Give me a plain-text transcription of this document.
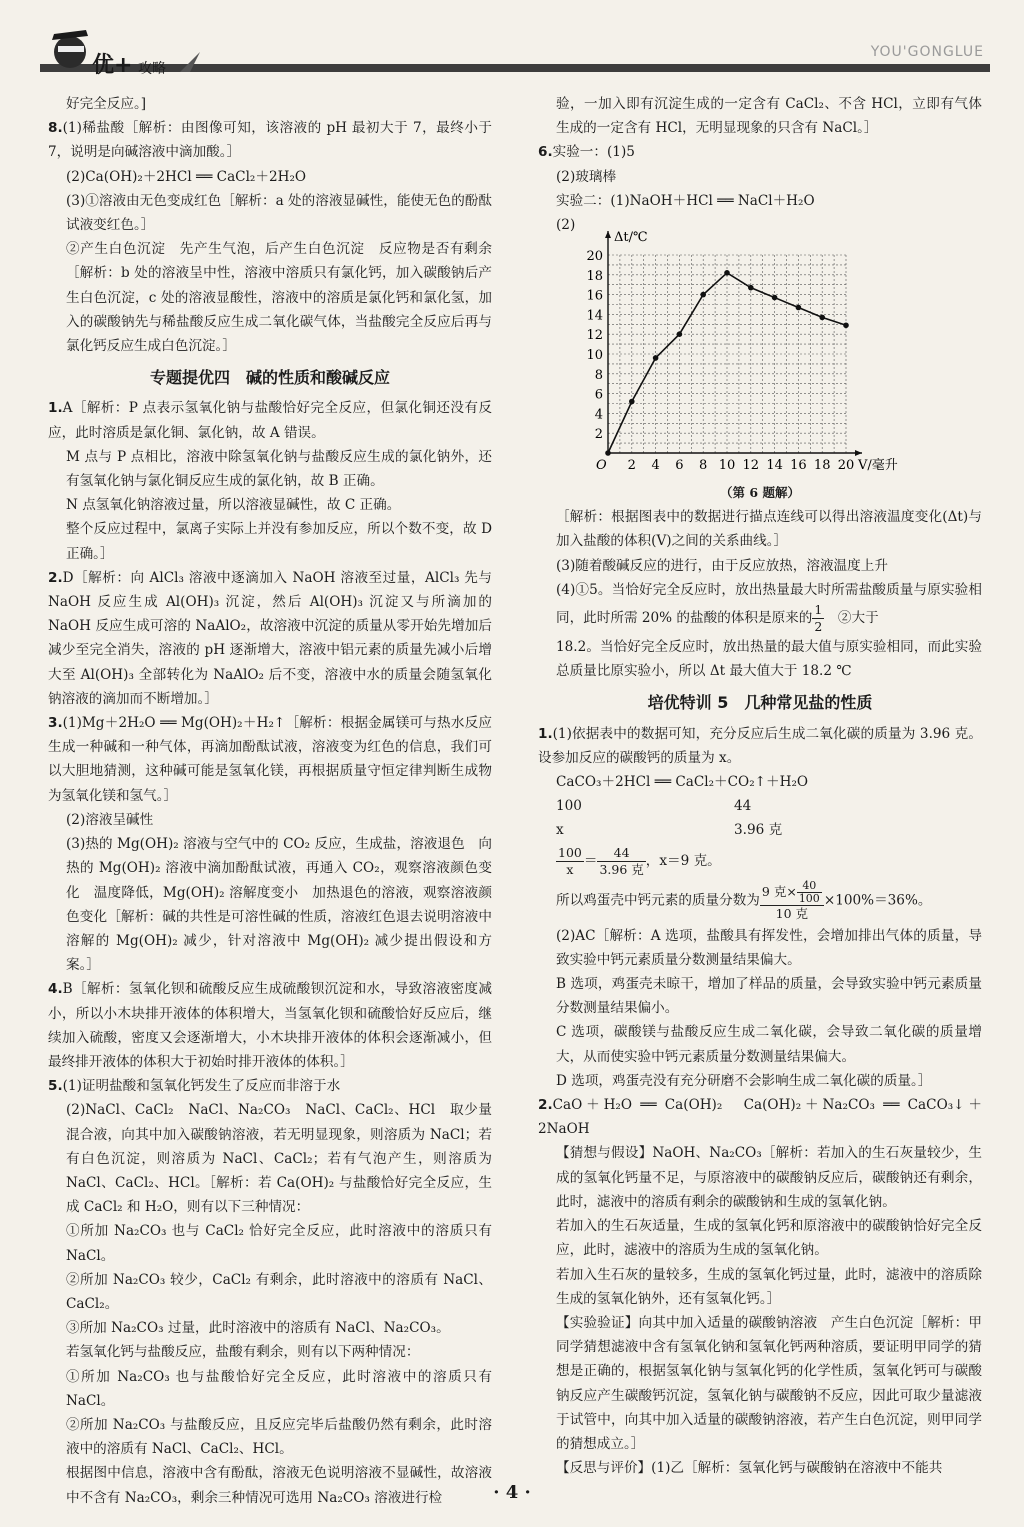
优+ 攻略
YOU'GONGLUE

好完全反应。]

8.(1)稀盐酸［解析：由图像可知，该溶液的 pH 最初大于 7，最终小于 7，说明是向碱溶液中滴加酸。］

(2)Ca(OH)₂＋2HCl ══ CaCl₂＋2H₂O

(3)①溶液由无色变成红色［解析：a 处的溶液显碱性，能使无色的酚酞试液变红色。］

②产生白色沉淀　先产生气泡，后产生白色沉淀　反应物是否有剩余［解析：b 处的溶液呈中性，溶液中溶质只有氯化钙，加入碳酸钠后产生白色沉淀，c 处的溶液显酸性，溶液中的溶质是氯化钙和氯化氢，加入的碳酸钠先与稀盐酸反应生成二氧化碳气体，当盐酸完全反应后再与氯化钙反应生成白色沉淀。］

专题提优四　碱的性质和酸碱反应

1.A［解析：P 点表示氢氧化钠与盐酸恰好完全反应，但氯化铜还没有反应，此时溶质是氯化铜、氯化钠，故 A 错误。

M 点与 P 点相比，溶液中除氢氧化钠与盐酸反应生成的氯化钠外，还有氢氧化钠与氯化铜反应生成的氯化钠，故 B 正确。

N 点氢氧化钠溶液过量，所以溶液显碱性，故 C 正确。

整个反应过程中，氯离子实际上并没有参加反应，所以个数不变，故 D 正确。］

2.D［解析：向 AlCl₃ 溶液中逐滴加入 NaOH 溶液至过量，AlCl₃ 先与 NaOH 反应生成 Al(OH)₃ 沉淀，然后 Al(OH)₃ 沉淀又与所滴加的 NaOH 反应生成可溶的 NaAlO₂，故溶液中沉淀的质量从零开始先增加后减少至完全消失，溶液的 pH 逐渐增大，溶液中铝元素的质量先减小后增大至 Al(OH)₃ 全部转化为 NaAlO₂ 后不变，溶液中水的质量会随氢氧化钠溶液的滴加而不断增加。］

3.(1)Mg＋2H₂O ══ Mg(OH)₂＋H₂↑［解析：根据金属镁可与热水反应生成一种碱和一种气体，再滴加酚酞试液，溶液变为红色的信息，我们可以大胆地猜测，这种碱可能是氢氧化镁，再根据质量守恒定律判断生成物为氢氧化镁和氢气。］

(2)溶液呈碱性

(3)热的 Mg(OH)₂ 溶液与空气中的 CO₂ 反应，生成盐，溶液退色　向热的 Mg(OH)₂ 溶液中滴加酚酞试液，再通入 CO₂，观察溶液颜色变化　温度降低，Mg(OH)₂ 溶解度变小　加热退色的溶液，观察溶液颜色变化［解析：碱的共性是可溶性碱的性质，溶液红色退去说明溶液中溶解的 Mg(OH)₂ 减少，针对溶液中 Mg(OH)₂ 减少提出假设和方案。］

4.B［解析：氢氧化钡和硫酸反应生成硫酸钡沉淀和水，导致溶液密度减小，所以小木块排开液体的体积增大，当氢氧化钡和硫酸恰好反应后，继续加入硫酸，密度又会逐渐增大，小木块排开液体的体积会逐渐减小，但最终排开液体的体积大于初始时排开液体的体积。］

5.(1)证明盐酸和氢氧化钙发生了反应而非溶于水

(2)NaCl、CaCl₂　NaCl、Na₂CO₃　NaCl、CaCl₂、HCl　取少量混合液，向其中加入碳酸钠溶液，若无明显现象，则溶质为 NaCl；若有白色沉淀，则溶质为 NaCl、CaCl₂；若有气泡产生，则溶质为 NaCl、CaCl₂、HCl。［解析：若 Ca(OH)₂ 与盐酸恰好完全反应，生成 CaCl₂ 和 H₂O，则有以下三种情况：

①所加 Na₂CO₃ 也与 CaCl₂ 恰好完全反应，此时溶液中的溶质只有 NaCl。

②所加 Na₂CO₃ 较少，CaCl₂ 有剩余，此时溶液中的溶质有 NaCl、CaCl₂。

③所加 Na₂CO₃ 过量，此时溶液中的溶质有 NaCl、Na₂CO₃。

若氢氧化钙与盐酸反应，盐酸有剩余，则有以下两种情况：

①所加 Na₂CO₃ 也与盐酸恰好完全反应，此时溶液中的溶质只有 NaCl。

②所加 Na₂CO₃ 与盐酸反应，且反应完毕后盐酸仍然有剩余，此时溶液中的溶质有 NaCl、CaCl₂、HCl。

根据图中信息，溶液中含有酚酞，溶液无色说明溶液不显碱性，故溶液中不含有 Na₂CO₃，剩余三种情况可选用 Na₂CO₃ 溶液进行检

验，一加入即有沉淀生成的一定含有 CaCl₂、不含 HCl，立即有气体生成的一定含有 HCl，无明显现象的只含有 NaCl。］

6.实验一：(1)5

(2)玻璃棒

实验二：(1)NaOH＋HCl ══ NaCl＋H₂O

(2)
2 4 6 8 10 12 14 16 18 20
2
4
6
8
10
12
14
16
18
20
O
Δt/℃
V/毫升
（第 6 题解）

［解析：根据图表中的数据进行描点连线可以得出溶液温度变化(Δt)与加入盐酸的体积(V)之间的关系曲线。］

(3)随着酸碱反应的进行，由于反应放热，溶液温度上升

(4)①5。当恰好完全反应时，放出热量最大时所需盐酸质量与原实验相同，此时所需 20% 的盐酸的体积是原来的 $\frac{1}{2}$ 　②大于

18.2。当恰好完全反应时，放出热量的最大值与原实验相同，而此实验总质量比原实验小，所以 Δt 最大值大于 18.2 ℃

培优特训 5　几种常见盐的性质

1.(1)依据表中的数据可知，充分反应后生成二氧化碳的质量为 3.96 克。设参加反应的碳酸钙的质量为 x。

CaCO₃＋2HCl ══ CaCl₂＋CO₂↑＋H₂O

100	44

x	3.96 克

$\frac{100}{x} = \frac{44}{\text{3.96 克}}$ ，x＝9 克。

所以鸡蛋壳中钙元素的质量分数为 $\frac{9 克\times \frac{40}{100}}{\text{10 克}} \times 100\%=36\%$。

(2)AC［解析：A 选项，盐酸具有挥发性，会增加排出气体的质量，导致实验中钙元素质量分数测量结果偏大。

B 选项，鸡蛋壳未晾干，增加了样品的质量，会导致实验中钙元素质量分数测量结果偏小。

C 选项，碳酸镁与盐酸反应生成二氧化碳，会导致二氧化碳的质量增大，从而使实验中钙元素质量分数测量结果偏大。

D 选项，鸡蛋壳没有充分研磨不会影响生成二氧化碳的质量。］

2.CaO＋H₂O ══ Ca(OH)₂　Ca(OH)₂＋Na₂CO₃ ══ CaCO₃↓＋2NaOH

【猜想与假设】NaOH、Na₂CO₃［解析：若加入的生石灰量较少，生成的氢氧化钙量不足，与原溶液中的碳酸钠反应后，碳酸钠还有剩余，此时，滤液中的溶质有剩余的碳酸钠和生成的氢氧化钠。

若加入的生石灰适量，生成的氢氧化钙和原溶液中的碳酸钠恰好完全反应，此时，滤液中的溶质为生成的氢氧化钠。

若加入生石灰的量较多，生成的氢氧化钙过量，此时，滤液中的溶质除生成的氢氧化钠外，还有氢氧化钙。］

【实验验证】向其中加入适量的碳酸钠溶液　产生白色沉淀［解析：甲同学猜想滤液中含有氢氧化钠和氢氧化钙两种溶质，要证明甲同学的猜想是正确的，根据氢氧化钠与氢氧化钙的化学性质，氢氧化钙可与碳酸钠反应产生碳酸钙沉淀，氢氧化钠与碳酸钠不反应，因此可取少量滤液于试管中，向其中加入适量的碳酸钠溶液，若产生白色沉淀，则甲同学的猜想成立。］

【反思与评价】(1)乙［解析：氢氧化钙与碳酸钠在溶液中不能共

· 4 ·
